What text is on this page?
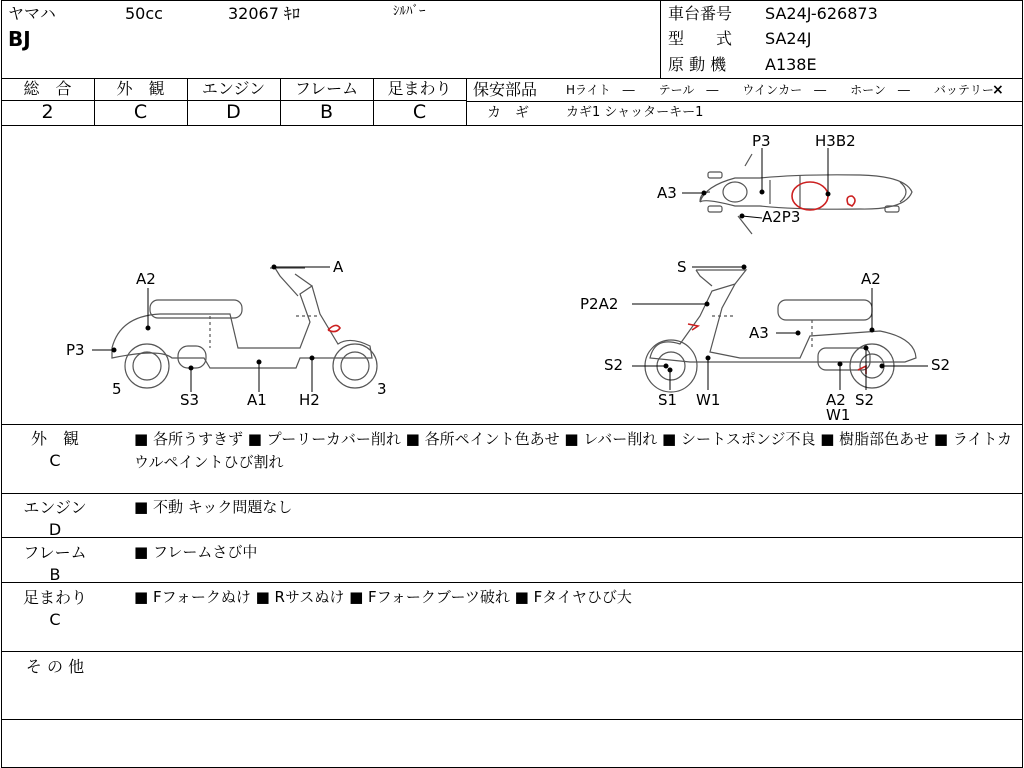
ヤマハ	50cc	32067 ｷﾛ	ｼﾙﾊﾞｰ
BJ
車台番号 SA24J-626873
型　　式 SA24J
原 動 機 A138E
総　合	外　観	エンジン	フレーム	足まわり
2	C	D	B	C
保安部品 Hライト　―　　テール　―　　ウインカー　―　　ホーン　―　　バッテリー
×
カ　ギ	カギ1 シャッターキー1
P3	H3B2
A3
A2P3
A
A2
P3
5
S3	A1 H2
3
S
A2
P2A2
A3
S2
S1 W1	A2
W1
S2
S2
外　観
C
■ 各所うすきず ■ プーリーカバー削れ ■ 各所ペイント色あせ ■ レバー削れ ■ シートスポンジ不良 ■ 樹脂部色あせ ■ ライトカウルペイントひび割れ
エンジン
D
■ 不動 キック問題なし
フレーム
B
■ フレームさび中
足まわり
C
■ Fフォークぬけ ■ Rサスぬけ ■ Fフォークブーツ破れ ■ Fタイヤひび大
そ の 他
